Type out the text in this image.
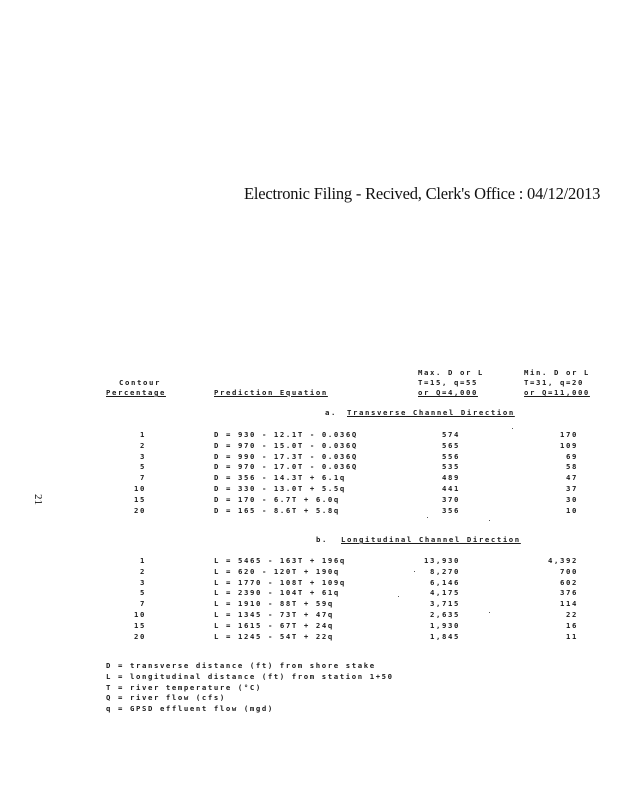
Electronic Filing - Recived, Clerk's Office : 04/12/2013
21
Contour
Percentage	Prediction Equation
Max. D or L
T=15, q=55
or Q=4,000
Min. D or L
T=31, q=20
or Q=11,000
a. Transverse Channel Direction
1	D = 930 - 12.1T - 0.036Q	574	170
2	D = 970 - 15.0T - 0.036Q	565	109
3	D = 990 - 17.3T - 0.036Q	556	69
5	D = 970 - 17.0T - 0.036Q	535	58
7	D = 356 - 14.3T + 6.1q	489	47
10	D = 330 - 13.0T + 5.5q	441	37
15	D = 170 - 6.7T + 6.0q	370	30
20	D = 165 - 8.6T + 5.8q	356	10
b. Longitudinal Channel Direction
1	L = 5465 - 163T + 196q	13,930	4,392
2	L = 620 - 120T + 190q	8,270	700
3	L = 1770 - 108T + 109q	6,146	602
5	L = 2390 - 104T + 61q	4,175	376
7	L = 1910 - 88T + 59q	3,715	114
10	L = 1345 - 73T + 47q	2,635	22
15	L = 1615 - 67T + 24q	1,930	16
20	L = 1245 - 54T + 22q	1,845	11
D = transverse distance (ft) from shore stake
L = longitudinal distance (ft) from station 1+50
T = river temperature (°C)
Q = river flow (cfs)
q = GPSD effluent flow (mgd)
